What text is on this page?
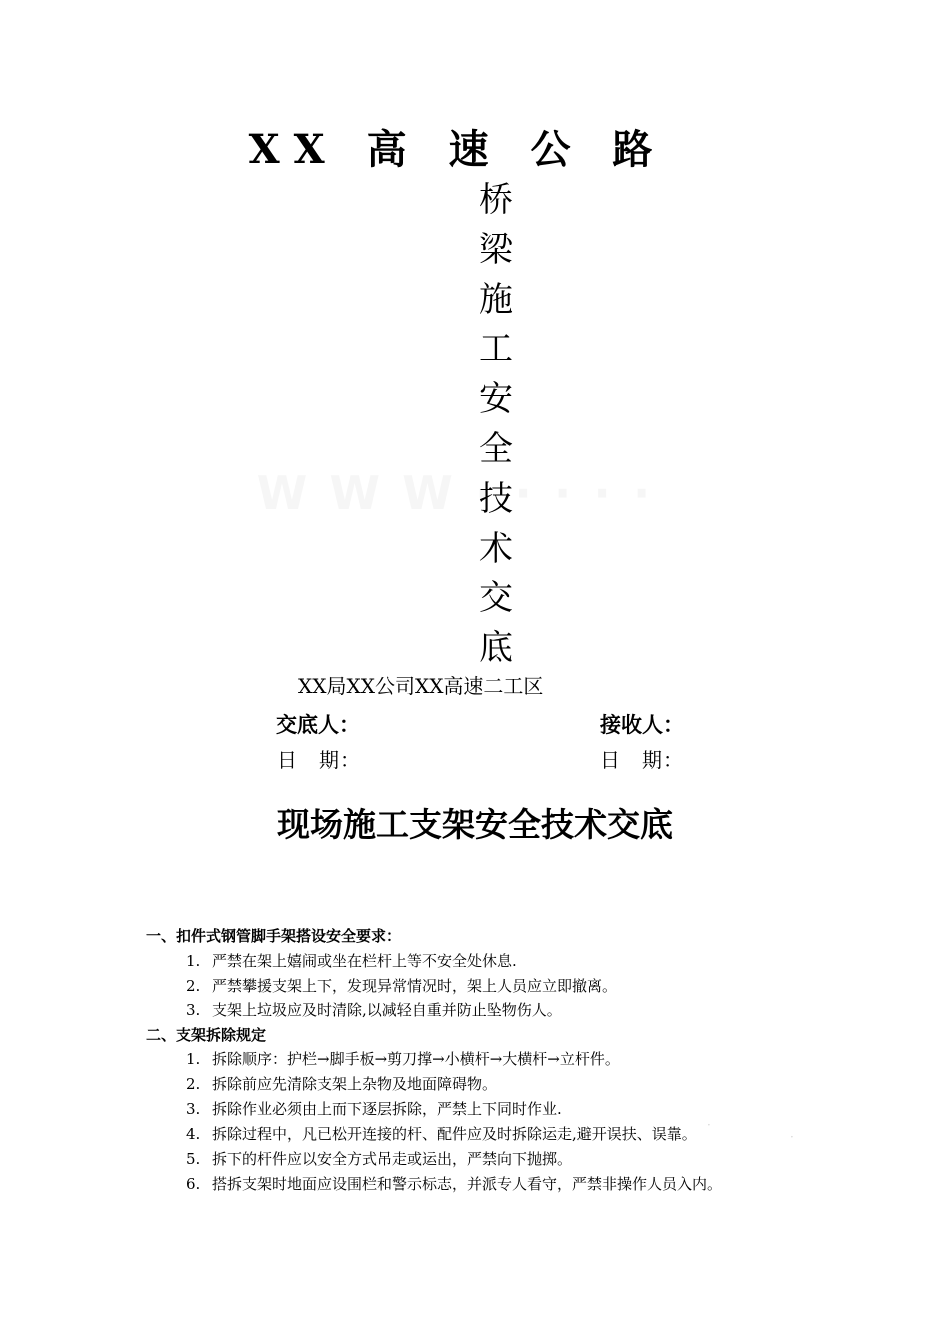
XX 高 速 公 路
桥
梁
施
工
安
全
技
术
交
底
XX局XX公司XX高速二工区
交底人：	接收人：
日　期：	日　期：
现场施工支架安全技术交底
一、扣件式钢管脚手架搭设安全要求：
1. 严禁在架上嬉闹或坐在栏杆上等不安全处休息.
2. 严禁攀援支架上下，发现异常情况时，架上人员应立即撤离。
3. 支架上垃圾应及时清除,以减轻自重并防止坠物伤人。
二、支架拆除规定
1. 拆除顺序：护栏→脚手板→剪刀撑→小横杆→大横杆→立杆件。
2. 拆除前应先清除支架上杂物及地面障碍物。
3. 拆除作业必须由上而下逐层拆除，严禁上下同时作业.
4. 拆除过程中，凡已松开连接的杆、配件应及时拆除运走,避开误扶、误靠。
5. 拆下的杆件应以安全方式吊走或运出，严禁向下抛掷。
6. 搭拆支架时地面应设围栏和警示标志，并派专人看守，严禁非操作人员入内。
·
·
